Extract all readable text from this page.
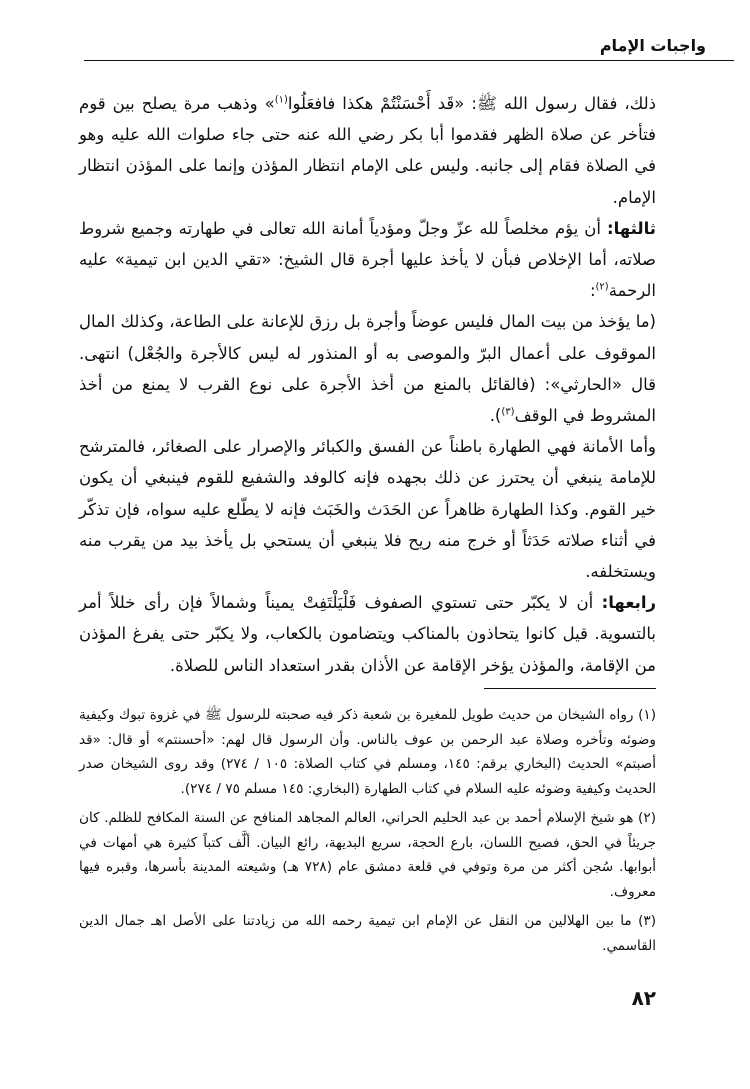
واجبات الإمام

ذلك، فقال رسول الله ﷺ: «قَد أَحْسَنْتُمْ هكذا فافعَلُوا$^{(١)}$» وذهب مرة يصلح بين قوم فتأخر عن صلاة الظهر فقدموا أبا بكر رضي الله عنه حتى جاء صلوات الله عليه وهو في الصلاة فقام إلى جانبه. وليس على الإمام انتظار المؤذن وإنما على المؤذن انتظار الإمام.

ثالثها: أن يؤم مخلصاً لله عزّ وجلّ ومؤدياً أمانة الله تعالى في طهارته وجميع شروط صلاته، أما الإخلاص فبأن لا يأخذ عليها أجرة قال الشيخ: «تقي الدين ابن تيمية» عليه الرحمة$^{(٢)}$:

(ما يؤخذ من بيت المال فليس عوضاً وأجرة بل رزق للإعانة على الطاعة، وكذلك المال الموقوف على أعمال البرّ والموصى به أو المنذور له ليس كالأجرة والجُعْل) انتهى. قال «الحارثي»: (فالقائل بالمنع من أخذ الأجرة على نوع القرب لا يمنع من أخذ المشروط في الوقف$^{(٣)}$).

وأما الأمانة فهي الطهارة باطناً عن الفسق والكبائر والإصرار على الصغائر، فالمترشح للإمامة ينبغي أن يحترز عن ذلك بجهده فإنه كالوفد والشفيع للقوم فينبغي أن يكون خير القوم. وكذا الطهارة ظاهراً عن الحَدَث والخَبَث فإنه لا يطّلع عليه سواه، فإن تذكّر في أثناء صلاته حَدَثاً أو خرج منه ريح فلا ينبغي أن يستحي بل يأخذ بيد من يقرب منه ويستخلفه.

رابعها: أن لا يكبّر حتى تستوي الصفوف فَلْيَلْتَفِتْ يميناً وشمالاً فإن رأى خللاً أمر بالتسوية. قيل كانوا يتحاذون بالمناكب ويتضامون بالكعاب، ولا يكبّر حتى يفرغ المؤذن من الإقامة، والمؤذن يؤخر الإقامة عن الأذان بقدر استعداد الناس للصلاة.

(١) رواه الشيخان من حديث طويل للمغيرة بن شعبة ذكر فيه صحبته للرسول ﷺ في غزوة تبوك وكيفية وضوئه وتأخره وصلاة عبد الرحمن بن عوف بالناس. وأن الرسول قال لهم: «أحسنتم» أو قال: «قد أصبتم» الحديث (البخاري برقم: ١٤٥، ومسلم في كتاب الصلاة: ١٠٥ / ٢٧٤) وقد روى الشيخان صدر الحديث وكيفية وضوئه عليه السلام في كتاب الطهارة (البخاري: ١٤٥ مسلم ٧٥ / ٢٧٤).

(٢) هو شيخ الإسلام أحمد بن عبد الحليم الحراني، العالم المجاهد المنافح عن السنة المكافح للظلم. كان جريئاً في الحق، فصيح اللسان، بارع الحجة، سريع البديهة، رائع البيان. ألَّف كتباً كثيرة هي أمهات في أبوابها. سُجن أكثر من مرة وتوفي في قلعة دمشق عام (٧٢٨ هـ) وشيعته المدينة بأسرها، وقبره فيها معروف.

(٣) ما بين الهلالين من النقل عن الإمام ابن تيمية رحمه الله من زيادتنا على الأصل اهـ جمال الدين القاسمي.

٨٢
